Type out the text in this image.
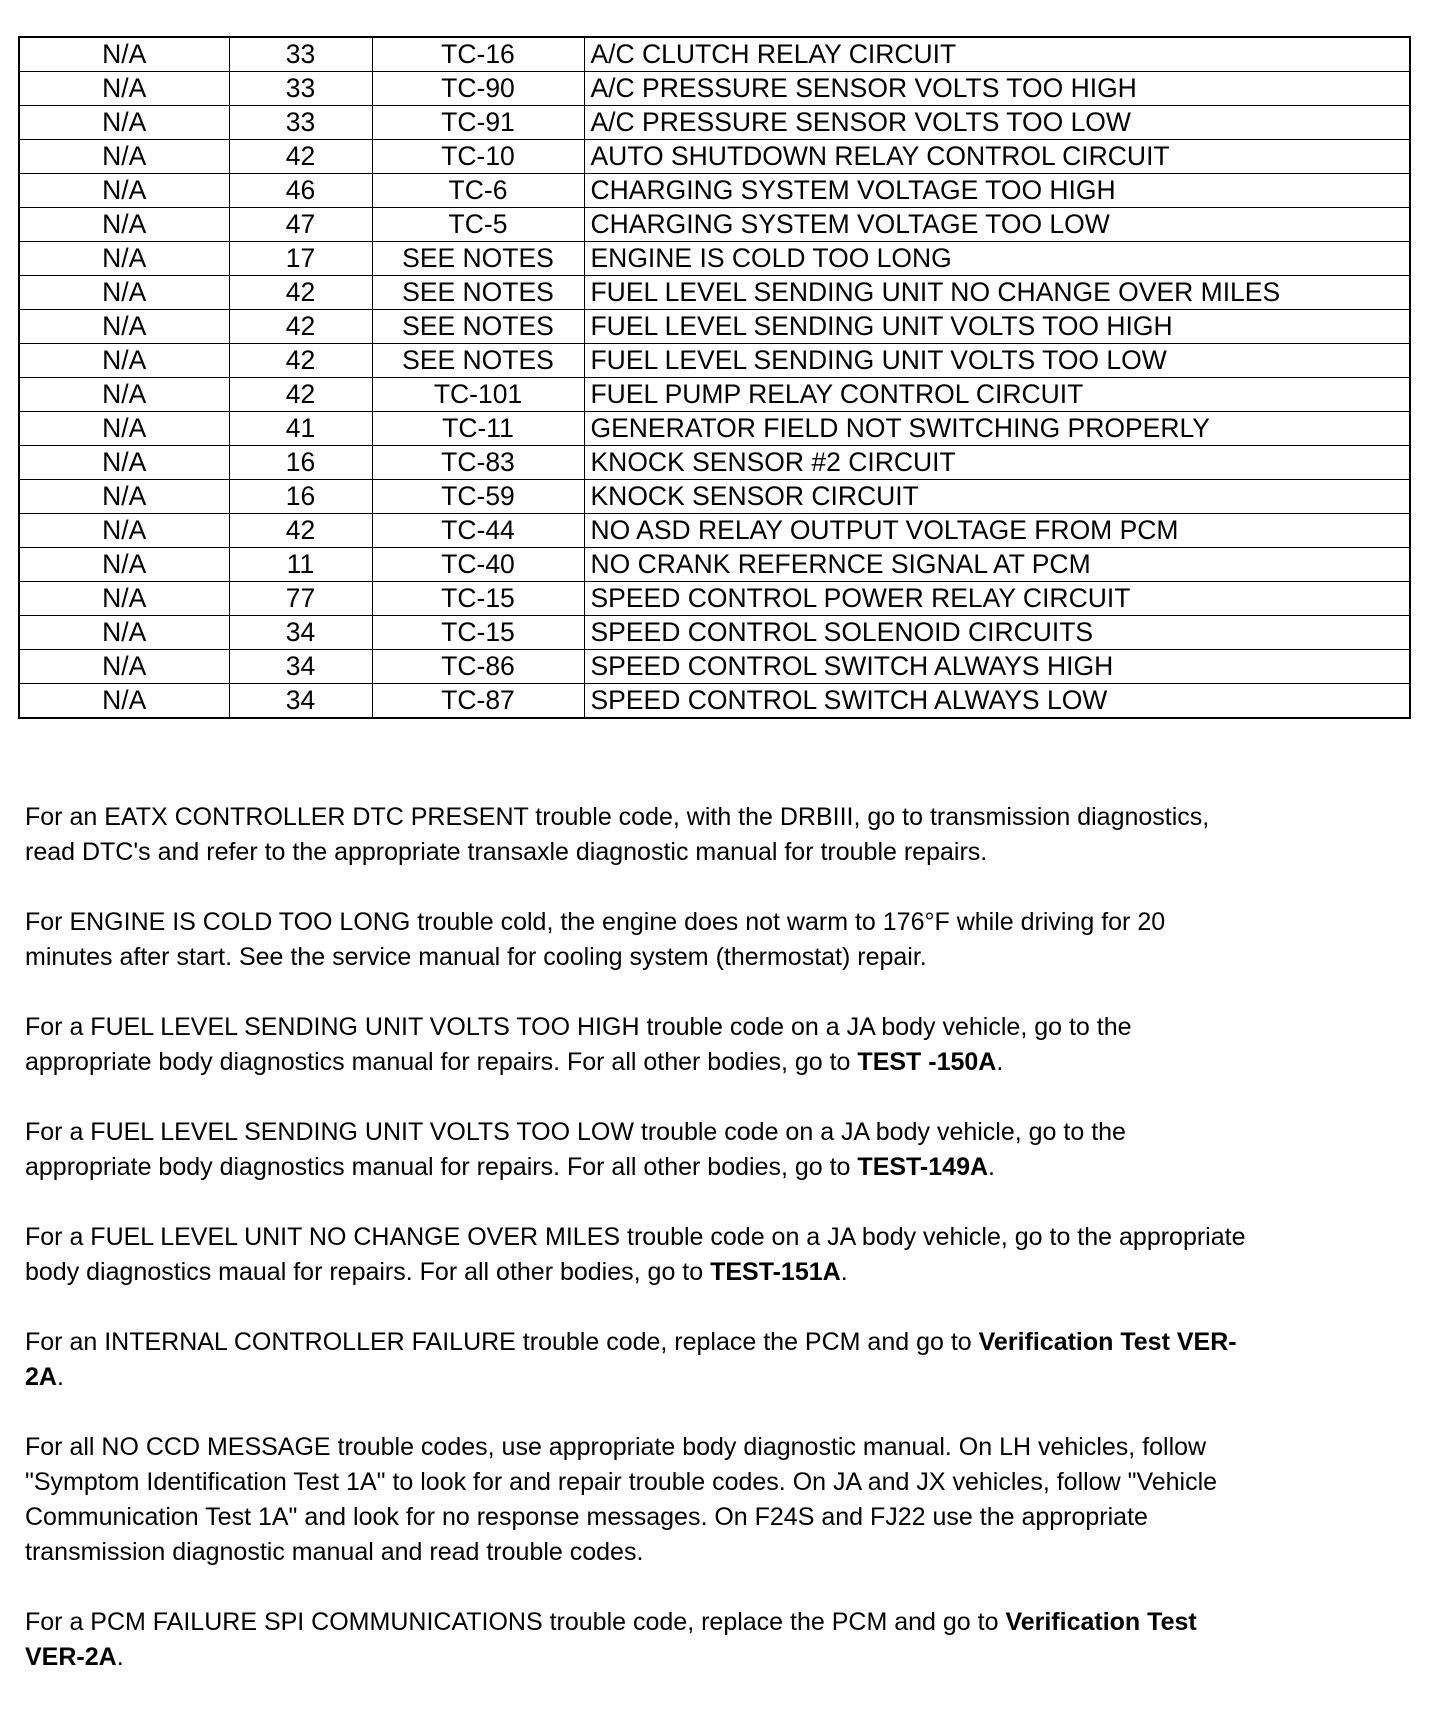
N/A	33	TC-16	A/C CLUTCH RELAY CIRCUIT
N/A	33	TC-90	A/C PRESSURE SENSOR VOLTS TOO HIGH
N/A	33	TC-91	A/C PRESSURE SENSOR VOLTS TOO LOW
N/A	42	TC-10	AUTO SHUTDOWN RELAY CONTROL CIRCUIT
N/A	46	TC-6	CHARGING SYSTEM VOLTAGE TOO HIGH
N/A	47	TC-5	CHARGING SYSTEM VOLTAGE TOO LOW
N/A	17	SEE NOTES	ENGINE IS COLD TOO LONG
N/A	42	SEE NOTES	FUEL LEVEL SENDING UNIT NO CHANGE OVER MILES
N/A	42	SEE NOTES	FUEL LEVEL SENDING UNIT VOLTS TOO HIGH
N/A	42	SEE NOTES	FUEL LEVEL SENDING UNIT VOLTS TOO LOW
N/A	42	TC-101	FUEL PUMP RELAY CONTROL CIRCUIT
N/A	41	TC-11	GENERATOR FIELD NOT SWITCHING PROPERLY
N/A	16	TC-83	KNOCK SENSOR #2 CIRCUIT
N/A	16	TC-59	KNOCK SENSOR CIRCUIT
N/A	42	TC-44	NO ASD RELAY OUTPUT VOLTAGE FROM PCM
N/A	11	TC-40	NO CRANK REFERNCE SIGNAL AT PCM
N/A	77	TC-15	SPEED CONTROL POWER RELAY CIRCUIT
N/A	34	TC-15	SPEED CONTROL SOLENOID CIRCUITS
N/A	34	TC-86	SPEED CONTROL SWITCH ALWAYS HIGH
N/A	34	TC-87	SPEED CONTROL SWITCH ALWAYS LOW

For an EATX CONTROLLER DTC PRESENT trouble code, with the DRBIII, go to transmission diagnostics,
read DTC's and refer to the appropriate transaxle diagnostic manual for trouble repairs.

For ENGINE IS COLD TOO LONG trouble cold, the engine does not warm to 176°F while driving for 20
minutes after start. See the service manual for cooling system (thermostat) repair.

For a FUEL LEVEL SENDING UNIT VOLTS TOO HIGH trouble code on a JA body vehicle, go to the
appropriate body diagnostics manual for repairs. For all other bodies, go to TEST -150A.

For a FUEL LEVEL SENDING UNIT VOLTS TOO LOW trouble code on a JA body vehicle, go to the
appropriate body diagnostics manual for repairs. For all other bodies, go to TEST-149A.

For a FUEL LEVEL UNIT NO CHANGE OVER MILES trouble code on a JA body vehicle, go to the appropriate
body diagnostics maual for repairs. For all other bodies, go to TEST-151A.

For an INTERNAL CONTROLLER FAILURE trouble code, replace the PCM and go to Verification Test VER-
2A.

For all NO CCD MESSAGE trouble codes, use appropriate body diagnostic manual. On LH vehicles, follow
"Symptom Identification Test 1A" to look for and repair trouble codes. On JA and JX vehicles, follow "Vehicle
Communication Test 1A" and look for no response messages. On F24S and FJ22 use the appropriate
transmission diagnostic manual and read trouble codes.

For a PCM FAILURE SPI COMMUNICATIONS trouble code, replace the PCM and go to Verification Test
VER-2A.
